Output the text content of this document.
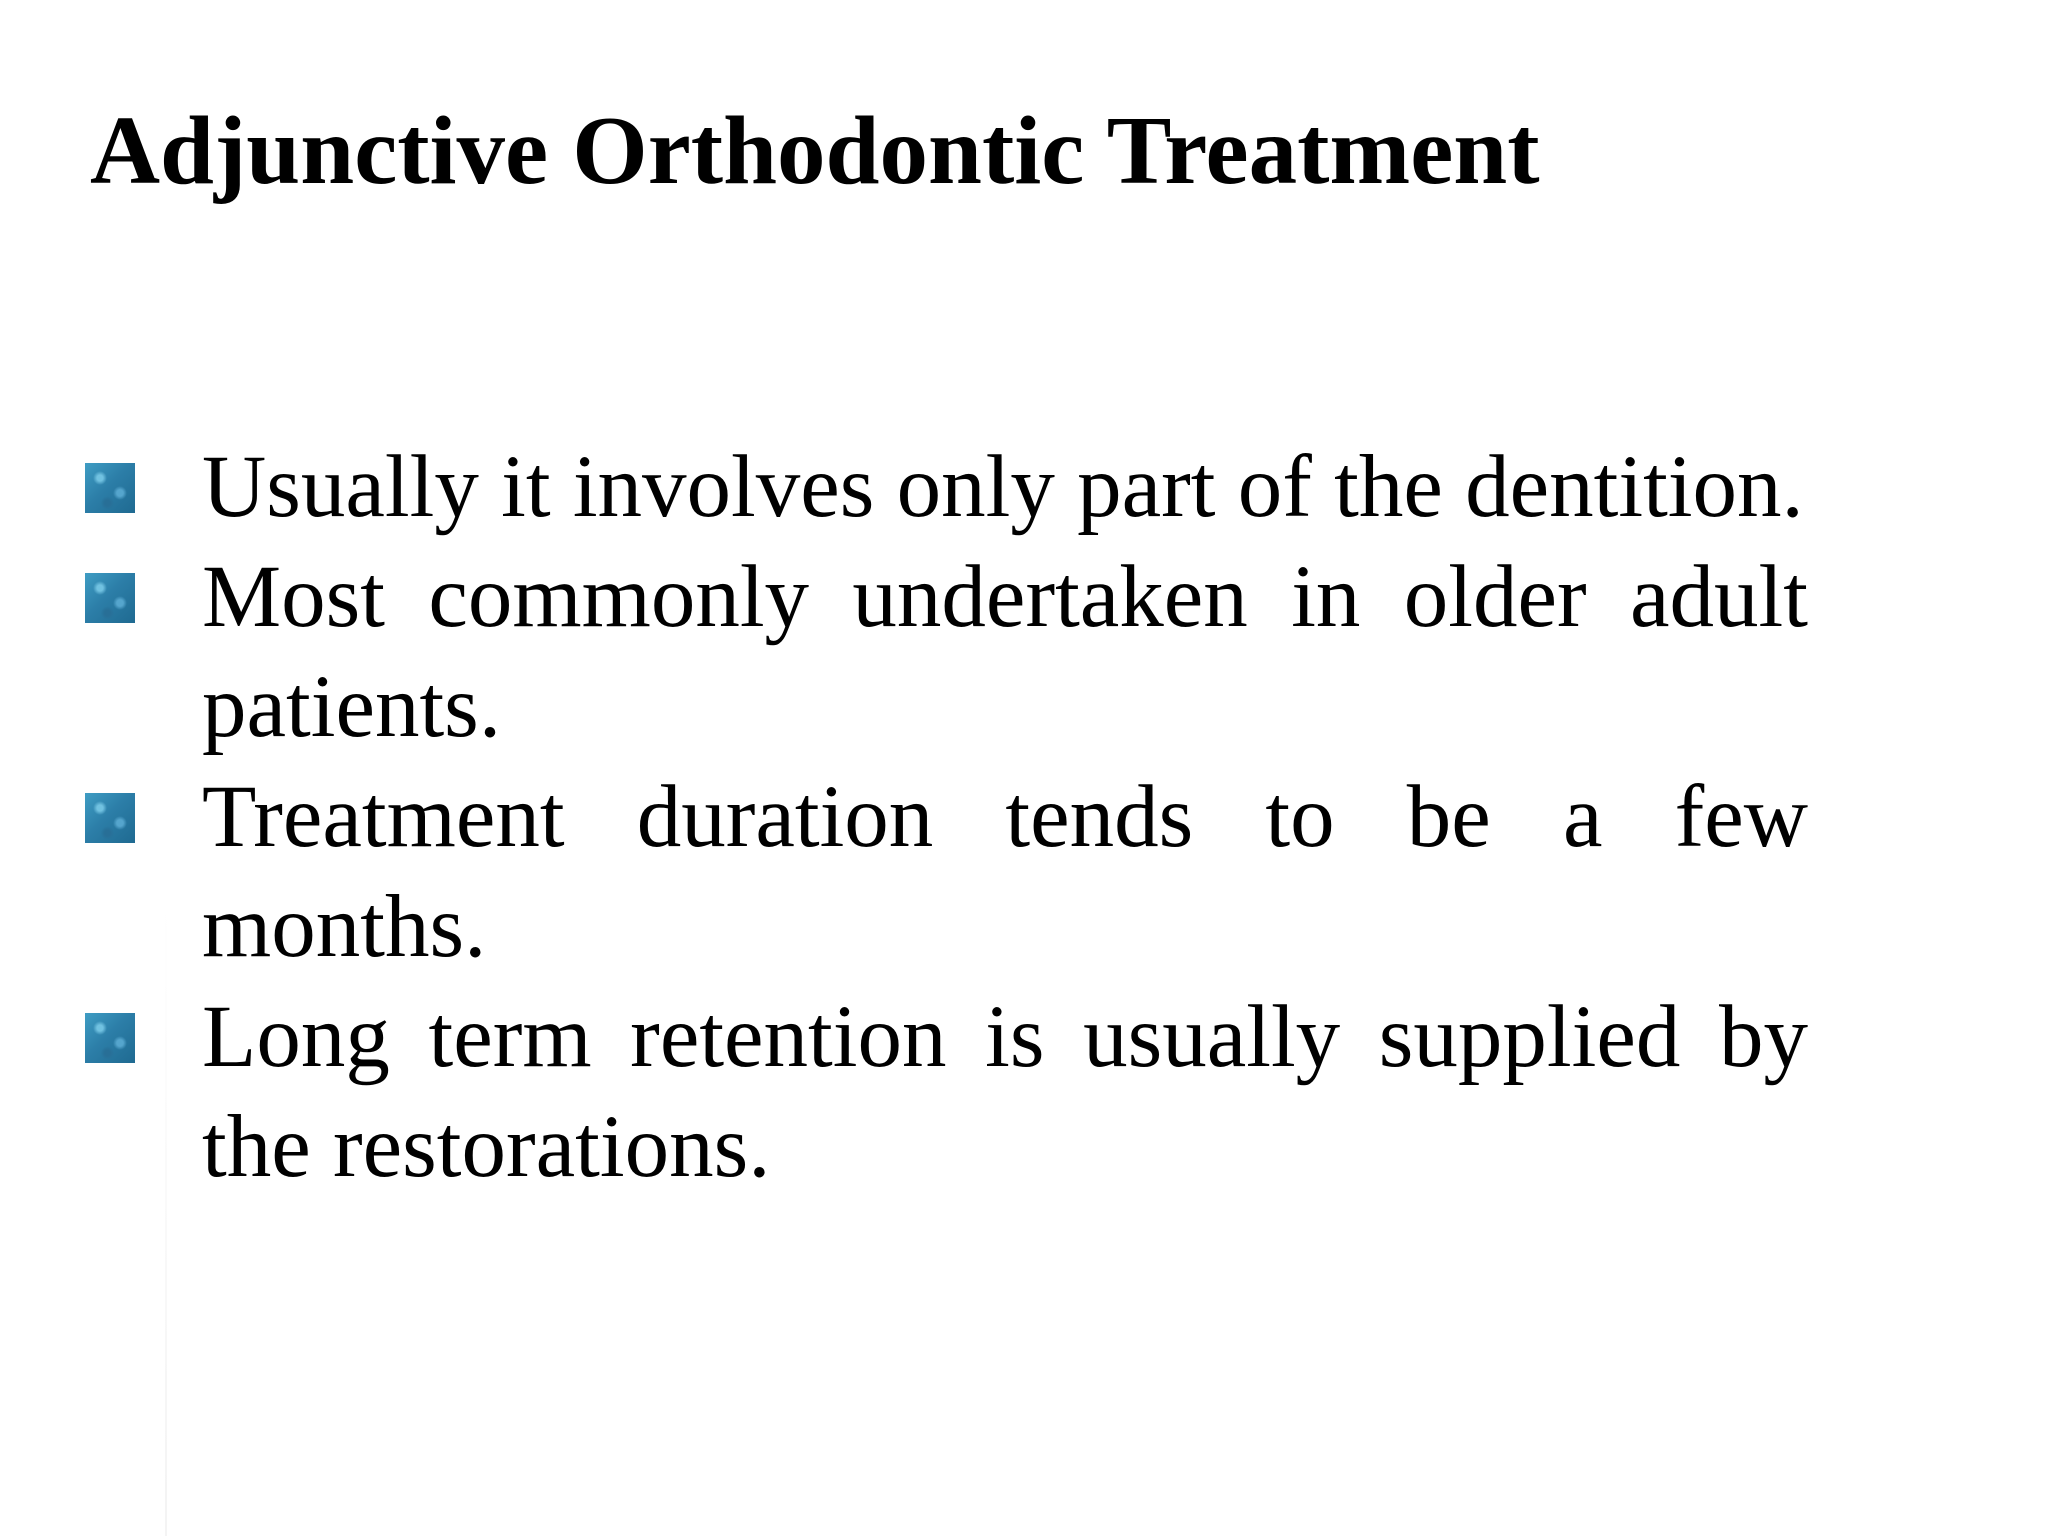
Adjunctive Orthodontic Treatment
Usually it involves only part of the dentition.
Most commonly undertaken in older adult patients.
Treatment duration tends to be a few months.
Long term retention is usually supplied by the restorations.
